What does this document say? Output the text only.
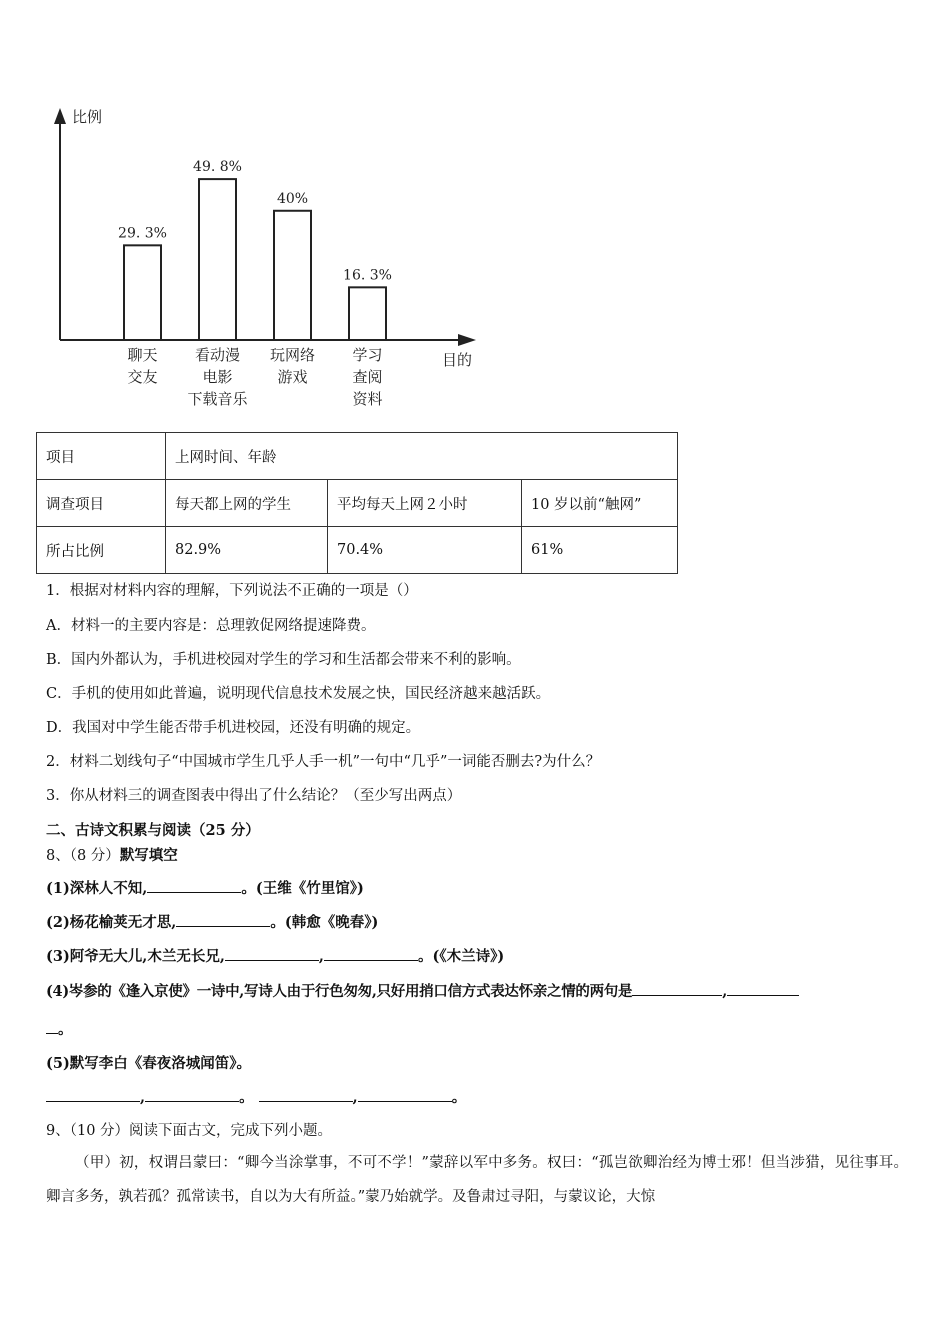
比例
目的
29. 3%
聊天
交友
49. 8%
看动漫
电影
下载音乐
40%
玩网络
游戏
16. 3%
学习
查阅
资料
项目	上网时间、年龄		
调查项目	每天都上网的学生	平均每天上网２小时	10 岁以前“触网”
所占比例	82.9%	70.4%	61%
1．根据对材料内容的理解，下列说法不正确的一项是（）
A．材料一的主要内容是：总理敦促网络提速降费。
B．国内外都认为，手机进校园对学生的学习和生活都会带来不利的影响。
C．手机的使用如此普遍，说明现代信息技术发展之快，国民经济越来越活跃。
D．我国对中学生能否带手机进校园，还没有明确的规定。
2．材料二划线句子“中国城市学生几乎人手一机”一句中“几乎”一词能否删去?为什么？
3．你从材料三的调查图表中得出了什么结论？（至少写出两点）
二、古诗文积累与阅读（25 分）
8、（8 分）默写填空
(1)深林人不知,	。(王维《竹里馆》)
(2)杨花榆荚无才思,	。(韩愈《晚春》)
(3)阿爷无大儿,木兰无长兄,	,	。(《木兰诗》)
(4)岑参的《逢入京使》一诗中,写诗人由于行色匆匆,只好用捎口信方式表达怀亲之情的两句是	,
。
(5)默写李白《春夜洛城闻笛》。
,	。	,	。
9、（10 分）阅读下面古文，完成下列小题。
（甲）初，权谓吕蒙曰：“卿今当涂掌事，不可不学！”蒙辞以军中多务。权曰：“孤岂欲卿治经为博士邪！但当涉猎，见往事耳。卿言多务，孰若孤？孤常读书，自以为大有所益。”蒙乃始就学。及鲁肃过寻阳，与蒙议论，大惊
